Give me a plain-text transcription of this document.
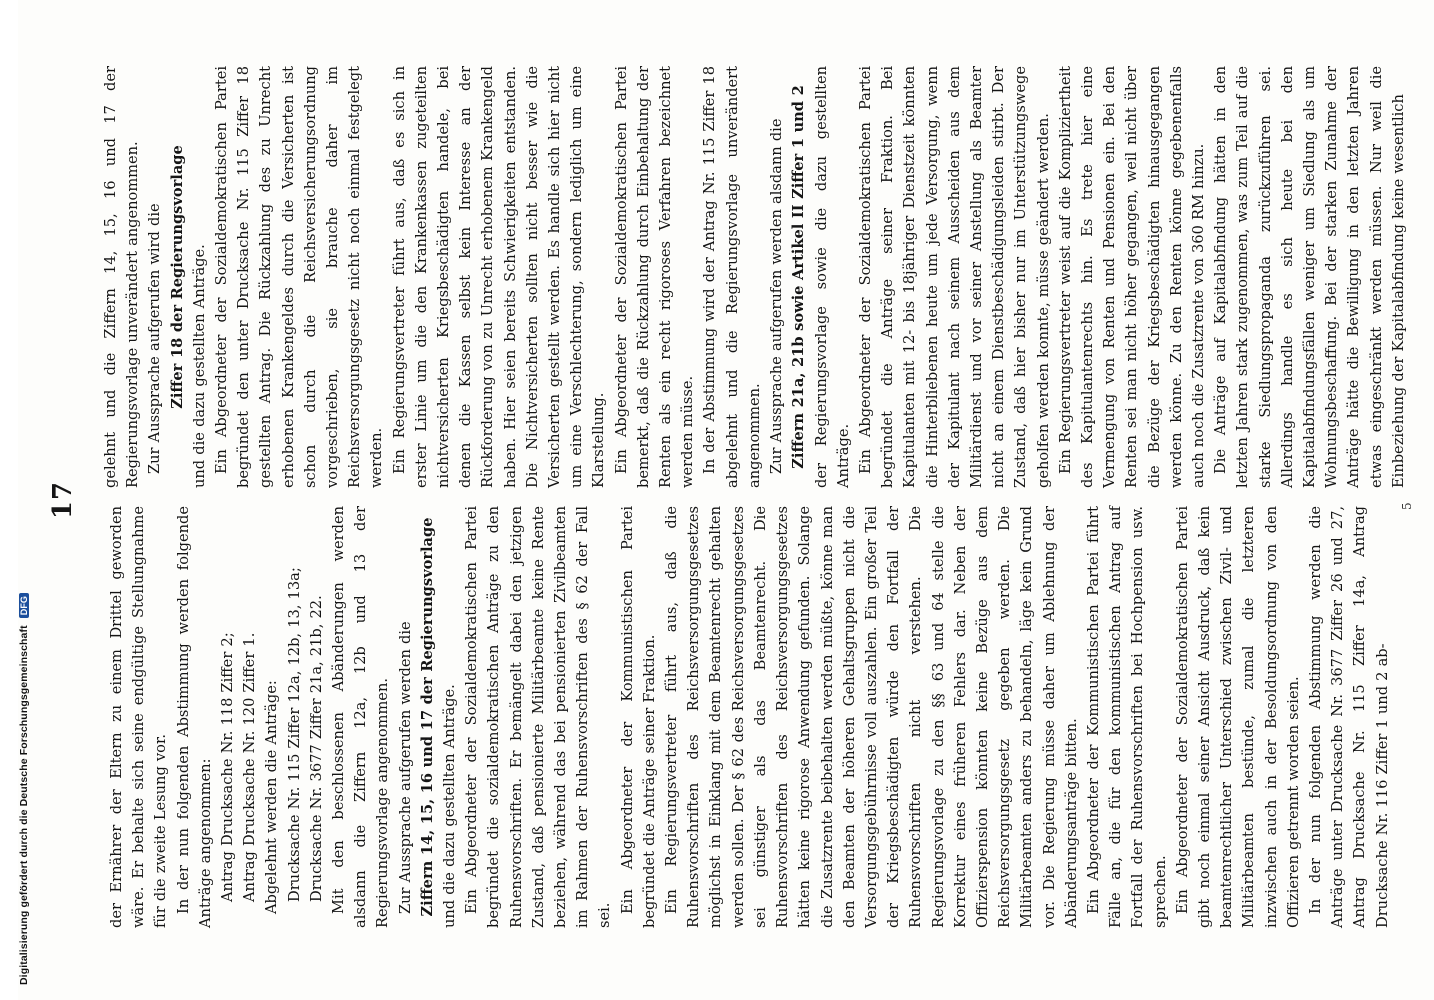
17

der Ernährer der Eltern zu einem Drittel geworden wäre. Er behalte sich seine endgültige Stellungnahme für die zweite Lesung vor. In der nun folgenden Abstimmung werden folgende Anträge angenommen: Antrag Drucksache Nr. 118 Ziffer 2; Antrag Drucksache Nr. 120 Ziffer 1. Abgelehnt werden die Anträge: Drucksache Nr. 115 Ziffer 12a, 12b, 13, 13a; Drucksache Nr. 3677 Ziffer 21a, 21b, 22. Mit den beschlossenen Abänderungen werden alsdann die Ziffern 12a, 12b und 13 der Regierungsvorlage angenommen. Zur Aussprache aufgerufen werden die Ziffern 14, 15, 16 und 17 der Regierungsvorlage und die dazu gestellten Anträge. Ein Abgeordneter der Sozialdemokratischen Partei begründet die sozialdemokratischen Anträge zu den Ruhensvorschriften. Er bemängelt dabei den jetzigen Zustand, daß pensionierte Militärbeamte keine Rente beziehen, während das bei pensionierten Zivilbeamten im Rahmen der Ruhensvorschriften des § 62 der Fall sei.

Ein Abgeordneter der Kommunistischen Partei begründet die Anträge seiner Fraktion. Ein Regierungsvertreter führt aus, daß die Ruhensvorschriften des Reichsversorgungsgesetzes möglichst in Einklang mit dem Beamtenrecht gehalten werden sollen. Der § 62 des Reichsversorgungsgesetzes sei günstiger als das Beamtenrecht. Die Ruhensvorschriften des Reichsversorgungsgesetzes hätten keine rigorose Anwendung gefunden. Solange die Zusatzrente beibehalten werden müßte, könne man den Beamten der höheren Gehaltsgruppen nicht die Versorgungsgebührnisse voll auszahlen. Ein großer Teil der Kriegsbeschädigten würde den Fortfall der Ruhensvorschriften nicht verstehen. Die Regierungsvorlage zu den §§ 63 und 64 stelle die Korrektur eines früheren Fehlers dar. Neben der Offizierspension könnten keine Bezüge aus dem Reichsversorgungsgesetz gegeben werden. Die Militärbeamten anders zu behandeln, läge kein Grund vor. Die Regierung müsse daher um Ablehnung der Abänderungsanträge bitten. Ein Abgeordneter der Kommunistischen Partei führt Fälle an, die für den kommunistischen Antrag auf Fortfall der Ruhensvorschriften bei Hochpension usw. sprechen. Ein Abgeordneter der Sozialdemokratischen Partei gibt noch einmal seiner Ansicht Ausdruck, daß kein beamtenrechtlicher Unterschied zwischen Zivil- und Militärbeamten bestünde, zumal die letzteren inzwischen auch in der Besoldungsordnung von den Offizieren getrennt worden seien. In der nun folgenden Abstimmung werden die Anträge unter Drucksache Nr. 3677 Ziffer 26 und 27, Antrag Drucksache Nr. 115 Ziffer 14a, Antrag Drucksache Nr. 116 Ziffer 1 und 2 ab-

gelehnt und die Ziffern 14, 15, 16 und 17 der Regierungsvorlage unverändert angenommen. Zur Aussprache aufgerufen wird die Ziffer 18 der Regierungsvorlage und die dazu gestellten Anträge. Ein Abgeordneter der Sozialdemokratischen Partei begründet den unter Drucksache Nr. 115 Ziffer 18 gestellten Antrag. Die Rückzahlung des zu Unrecht erhobenen Krankengeldes durch die Versicherten ist schon durch die Reichsversicherungsordnung vorgeschrieben, sie brauche daher im Reichsversorgungsgesetz nicht noch einmal festgelegt werden. Ein Regierungsvertreter führt aus, daß es sich in erster Linie um die den Krankenkassen zugeteilten nichtversicherten Kriegsbeschädigten handele, bei denen die Kassen selbst kein Interesse an der Rückforderung von zu Unrecht erhobenem Krankengeld haben. Hier seien bereits Schwierigkeiten entstanden. Die Nichtversicherten sollten nicht besser wie die Versicherten gestellt werden. Es handle sich hier nicht um eine Verschlechterung, sondern lediglich um eine Klarstellung. Ein Abgeordneter der Sozialdemokratischen Partei bemerkt, daß die Rückzahlung durch Einbehaltung der Renten als ein recht rigoroses Verfahren bezeichnet werden müsse. In der Abstimmung wird der Antrag Nr. 115 Ziffer 18 abgelehnt und die Regierungsvorlage unverändert angenommen. Zur Aussprache aufgerufen werden alsdann die Ziffern 21a, 21b sowie Artikel II Ziffer 1 und 2 der Regierungsvorlage sowie die dazu gestellten Anträge. Ein Abgeordneter der Sozialdemokratischen Partei begründet die Anträge seiner Fraktion. Bei Kapitulanten mit 12- bis 18jähriger Dienstzeit könnten die Hinterbliebenen heute um jede Versorgung, wenn der Kapitulant nach seinem Ausscheiden aus dem Militärdienst und vor seiner Anstellung als Beamter nicht an einem Dienstbeschädigungsleiden stirbt. Der Zustand, daß hier bisher nur im Unterstützungswege geholfen werden konnte, müsse geändert werden. Ein Regierungsvertreter weist auf die Kompliziertheit des Kapitulantenrechts hin. Es trete hier eine Vermengung von Renten und Pensionen ein. Bei den Renten sei man nicht höher gegangen, weil nicht über die Bezüge der Kriegsbeschädigten hinausgegangen werden könne. Zu den Renten könne gegebenenfalls auch noch die Zusatzrente von 360 RM hinzu. Die Anträge auf Kapitalabfindung hätten in den letzten Jahren stark zugenommen, was zum Teil auf die starke Siedlungspropaganda zurückzuführen sei. Allerdings handle es sich heute bei den Kapitalabfindungsfällen weniger um Siedlung als um Wohnungsbeschaffung. Bei der starken Zunahme der Anträge hätte die Bewilligung in den letzten Jahren etwas eingeschränkt werden müssen. Nur weil die Einbeziehung der Kapitalabfindung keine wesentlich

5
Digitalisierung gefördert durch die Deutsche Forschungsgemeinschaft DFG
